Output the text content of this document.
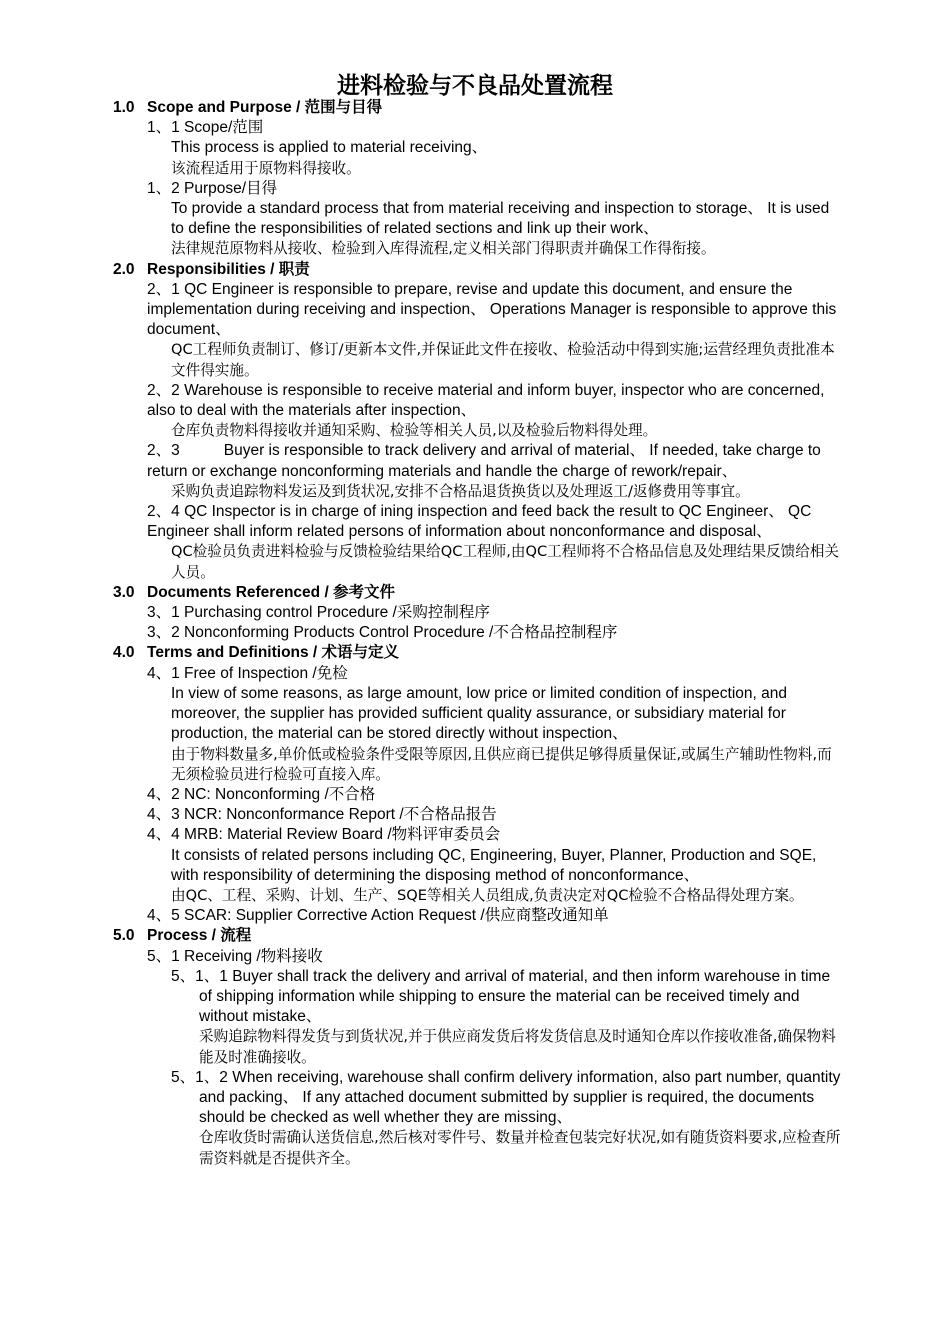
进料检验与不良品处置流程
1.0 Scope and Purpose / 范围与目得
1、1 Scope/范围
This process is applied to material receiving、
该流程适用于原物料得接收。
1、2 Purpose/目得
To provide a standard process that from material receiving and inspection to storage、 It is used to define the responsibilities of related sections and link up their work、
法律规范原物料从接收、检验到入库得流程,定义相关部门得职责并确保工作得衔接。
2.0 Responsibilities / 职责
2、1 QC Engineer is responsible to prepare, revise and update this document, and ensure the implementation during receiving and inspection、 Operations Manager is responsible to approve this document、
QC工程师负责制订、修订/更新本文件,并保证此文件在接收、检验活动中得到实施;运营经理负责批准本文件得实施。
2、2 Warehouse is responsible to receive material and inform buyer, inspector who are concerned, also to deal with the materials after inspection、
仓库负责物料得接收并通知采购、检验等相关人员,以及检验后物料得处理。
2、3	Buyer is responsible to track delivery and arrival of material、 If needed, take charge to return or exchange nonconforming materials and handle the charge of rework/repair、
采购负责追踪物料发运及到货状况,安排不合格品退货换货以及处理返工/返修费用等事宜。
2、4 QC Inspector is in charge of ining inspection and feed back the result to QC Engineer、 QC Engineer shall inform related persons of information about nonconformance and disposal、
QC检验员负责进料检验与反馈检验结果给QC工程师,由QC工程师将不合格品信息及处理结果反馈给相关人员。
3.0 Documents Referenced / 参考文件
3、1 Purchasing control Procedure /采购控制程序
3、2 Nonconforming Products Control Procedure /不合格品控制程序
4.0 Terms and Definitions / 术语与定义
4、1 Free of Inspection /免检
In view of some reasons, as large amount, low price or limited condition of inspection, and moreover, the supplier has provided sufficient quality assurance, or subsidiary material for production, the material can be stored directly without inspection、
由于物料数量多,单价低或检验条件受限等原因,且供应商已提供足够得质量保证,或属生产辅助性物料,而无须检验员进行检验可直接入库。
4、2 NC: Nonconforming /不合格
4、3 NCR: Nonconformance Report /不合格品报告
4、4 MRB: Material Review Board /物料评审委员会
It consists of related persons including QC, Engineering, Buyer, Planner, Production and SQE, with responsibility of determining the disposing method of nonconformance、
由QC、工程、采购、计划、生产、SQE等相关人员组成,负责决定对QC检验不合格品得处理方案。
4、5 SCAR: Supplier Corrective Action Request /供应商整改通知单
5.0 Process / 流程
5、1 Receiving /物料接收
5、1、1 Buyer shall track the delivery and arrival of material, and then inform warehouse in time of shipping information while shipping to ensure the material can be received timely and without mistake、
采购追踪物料得发货与到货状况,并于供应商发货后将发货信息及时通知仓库以作接收准备,确保物料能及时准确接收。
5、1、2 When receiving, warehouse shall confirm delivery information, also part number, quantity and packing、 If any attached document submitted by supplier is required, the documents should be checked as well whether they are missing、
仓库收货时需确认送货信息,然后核对零件号、数量并检查包装完好状况,如有随货资料要求,应检查所需资料就是否提供齐全。
